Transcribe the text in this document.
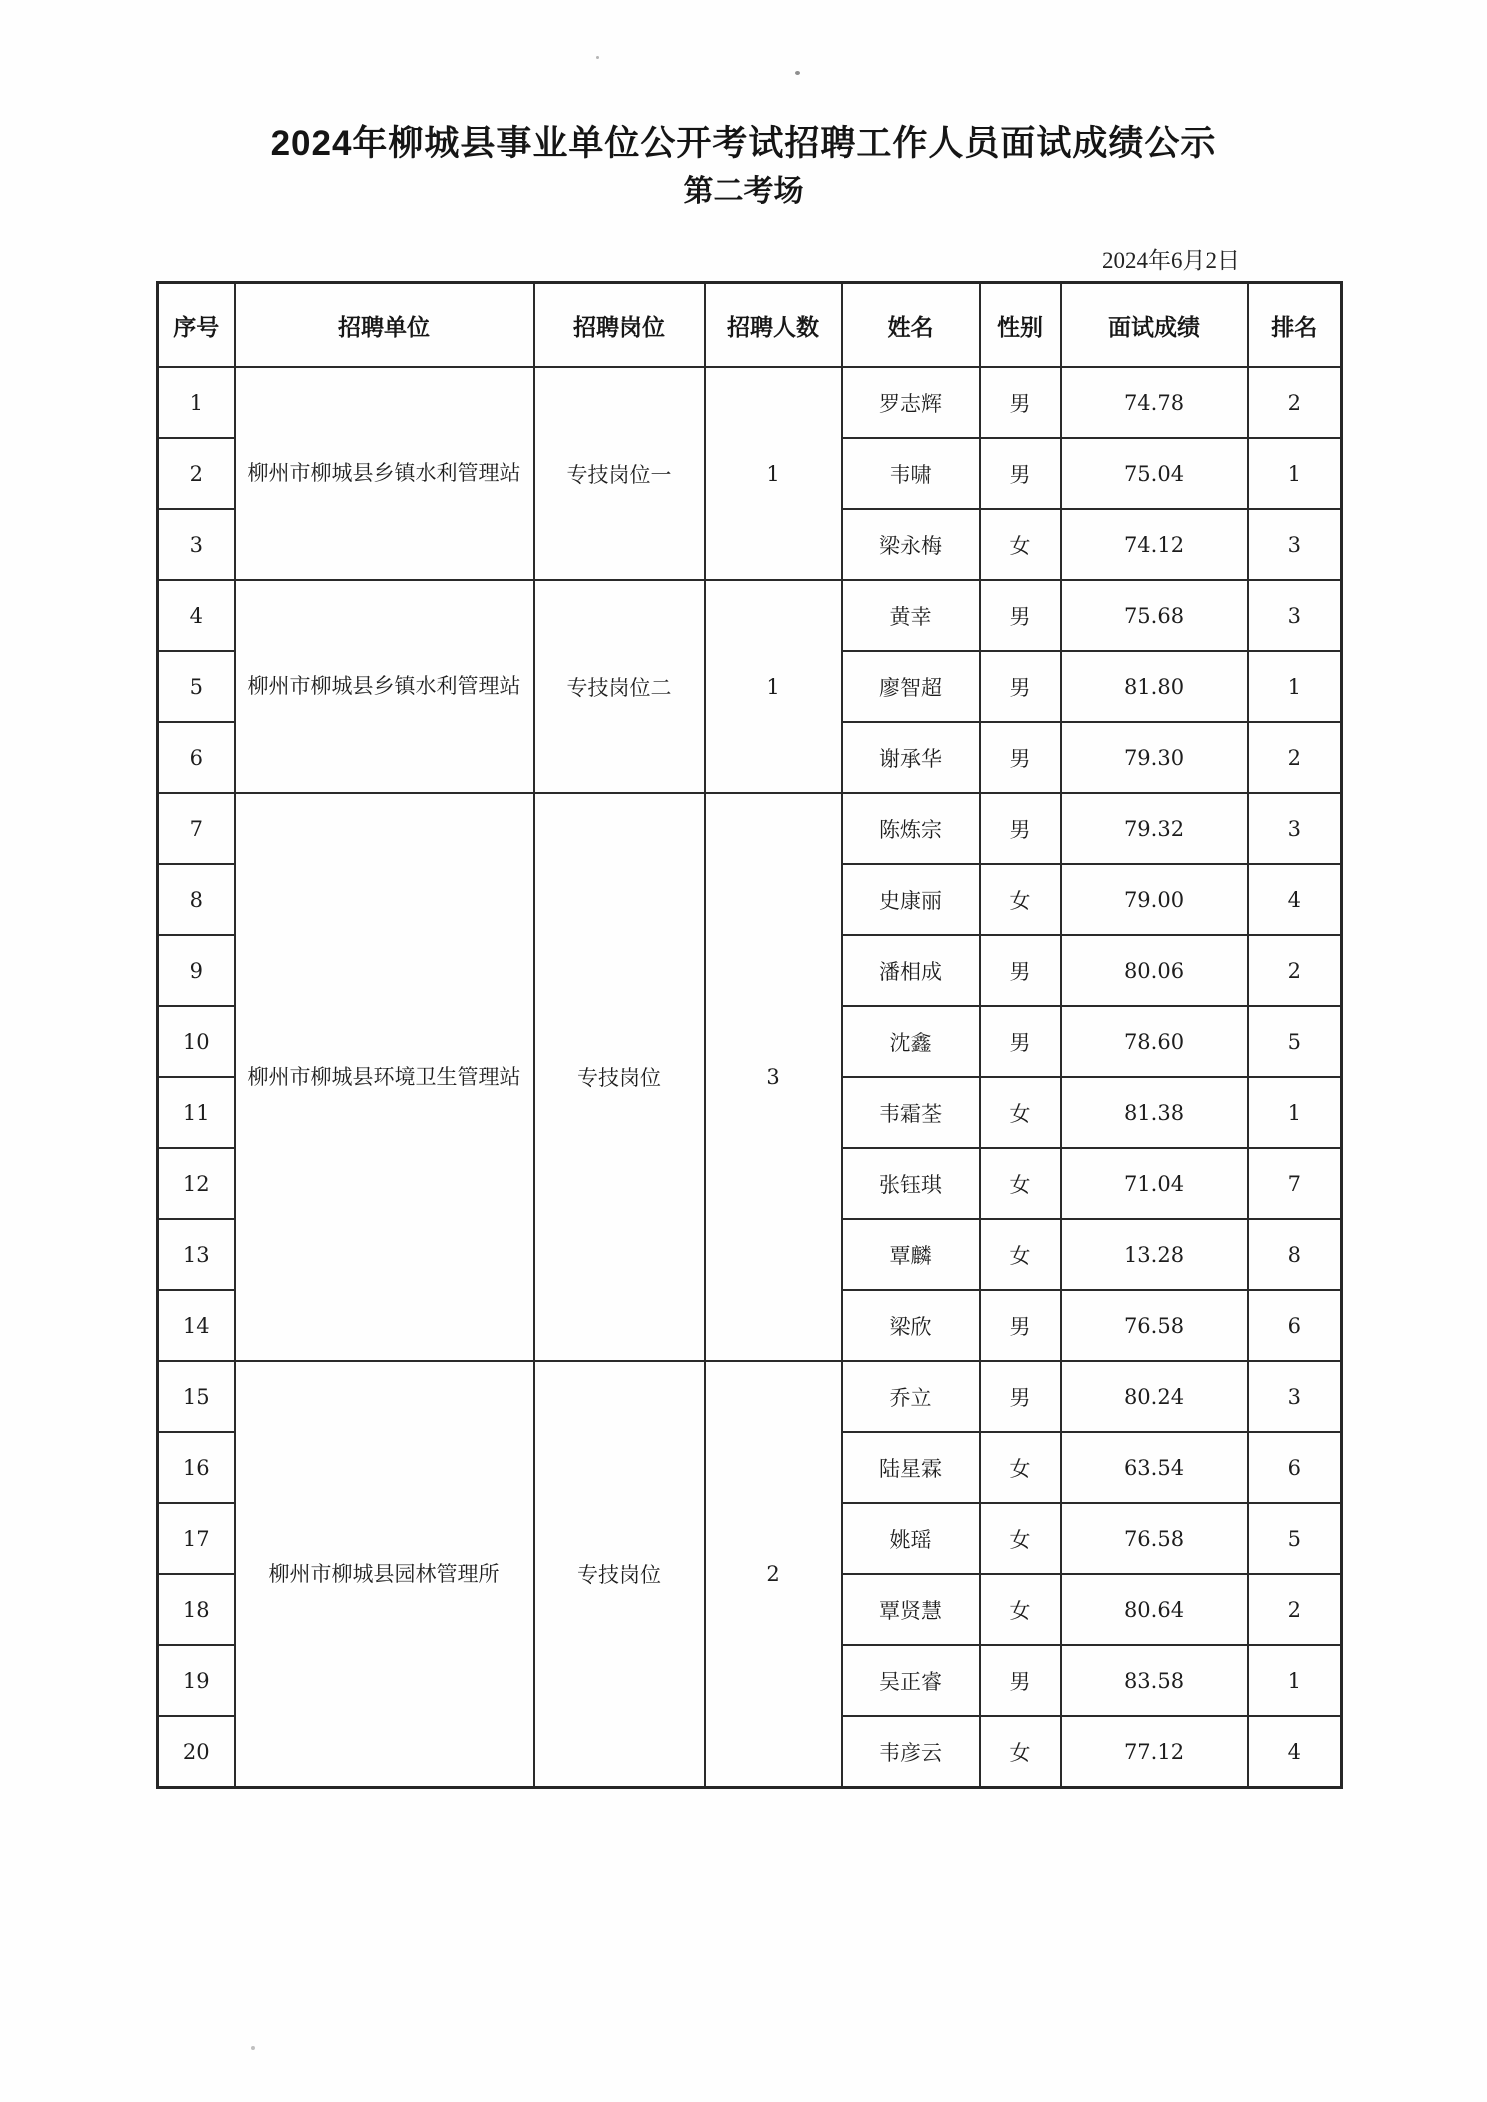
2024年柳城县事业单位公开考试招聘工作人员面试成绩公示
第二考场
2024年6月2日
序号	招聘单位	招聘岗位	招聘人数	姓名	性别	面试成绩	排名
1	柳州市柳城县乡镇水利管理站	专技岗位一	1	罗志辉	男	74.78	2
2				韦啸	男	75.04	1
3				梁永梅	女	74.12	3
4	柳州市柳城县乡镇水利管理站	专技岗位二	1	黄幸	男	75.68	3
5				廖智超	男	81.80	1
6				谢承华	男	79.30	2
7	柳州市柳城县环境卫生管理站	专技岗位	3	陈炼宗	男	79.32	3
8				史康丽	女	79.00	4
9				潘相成	男	80.06	2
10				沈鑫	男	78.60	5
11				韦霜荃	女	81.38	1
12				张钰琪	女	71.04	7
13				覃麟	女	13.28	8
14				梁欣	男	76.58	6
15	柳州市柳城县园林管理所	专技岗位	2	乔立	男	80.24	3
16				陆星霖	女	63.54	6
17				姚瑶	女	76.58	5
18				覃贤慧	女	80.64	2
19				吴正睿	男	83.58	1
20				韦彦云	女	77.12	4
